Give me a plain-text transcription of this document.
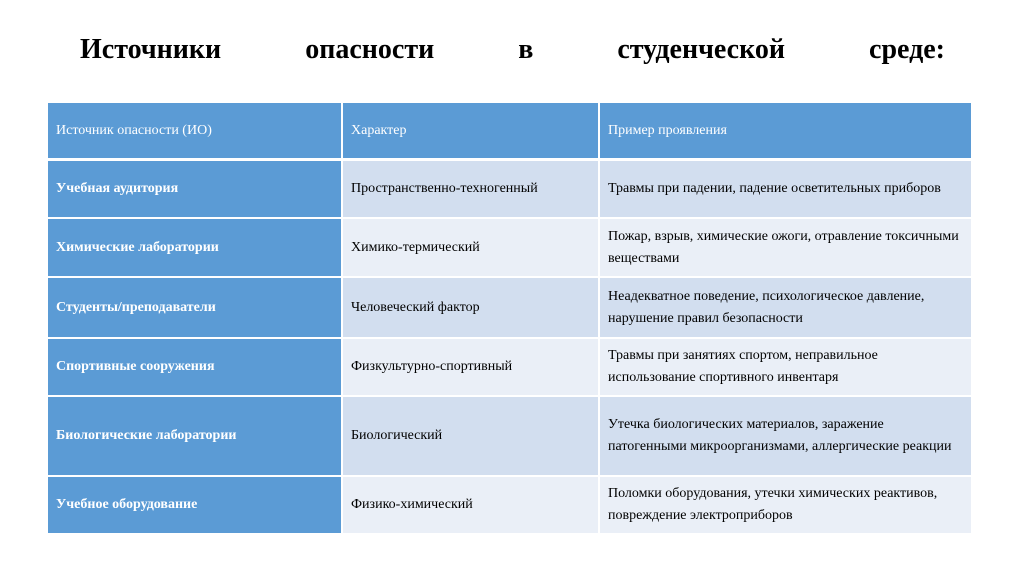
Источники	опасности	в	студенческой	среде:
Источник опасности (ИО)	Характер	Пример проявления
Учебная аудитория	Пространственно-техногенный	Травмы при падении, падение осветительных приборов
Химические лаборатории	Химико-термический	Пожар, взрыв, химические ожоги, отравление токсичными веществами
Студенты/преподаватели	Человеческий фактор	Неадекватное поведение, психологическое давление, нарушение правил безопасности
Спортивные сооружения	Физкультурно-спортивный	Травмы при занятиях спортом, неправильное использование спортивного инвентаря
Биологические лаборатории	Биологический	Утечка биологических материалов, заражение патогенными микроорганизмами, аллергические реакции
Учебное оборудование	Физико-химический	Поломки оборудования, утечки химических реактивов, повреждение электроприборов
